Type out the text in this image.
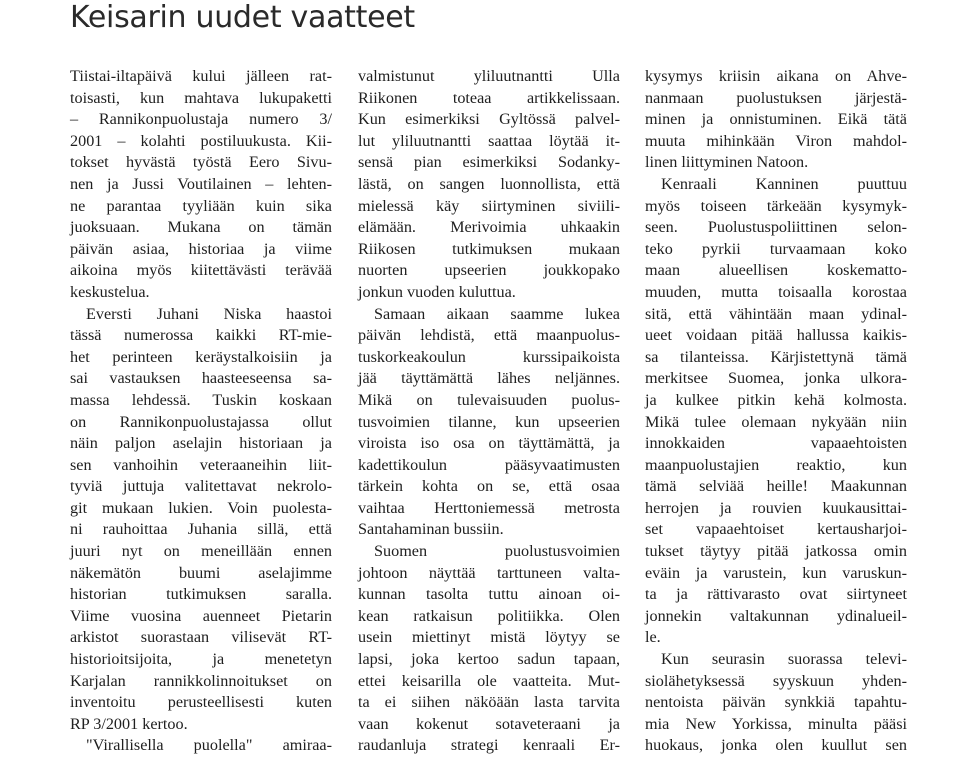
Keisarin uudet vaatteet
Tiistai-iltapäivä kului jälleen rat-
toisasti, kun mahtava lukupaketti
– Rannikonpuolustaja numero 3/
2001 – kolahti postiluukusta. Kii-
tokset hyvästä työstä Eero Sivu-
nen ja Jussi Voutilainen – lehten-
ne parantaa tyyliään kuin sika
juoksuaan. Mukana on tämän
päivän asiaa, historiaa ja viime
aikoina myös kiitettävästi terävää
keskustelua.
Eversti Juhani Niska haastoi
tässä numerossa kaikki RT-mie-
het perinteen keräystalkoisiin ja
sai vastauksen haasteeseensa sa-
massa lehdessä. Tuskin koskaan
on Rannikonpuolustajassa ollut
näin paljon aselajin historiaan ja
sen vanhoihin veteraaneihin liit-
tyviä juttuja valitettavat nekrolo-
git mukaan lukien. Voin puolesta-
ni rauhoittaa Juhania sillä, että
juuri nyt on meneillään ennen
näkemätön buumi aselajimme
historian tutkimuksen saralla.
Viime vuosina auenneet Pietarin
arkistot suorastaan vilisevät RT-
historioitsijoita, ja menetetyn
Karjalan rannikkolinnoitukset on
inventoitu perusteellisesti kuten
RP 3/2001 kertoo.
"Virallisella puolella" amiraa-
valmistunut yliluutnantti Ulla
Riikonen toteaa artikkelissaan.
Kun esimerkiksi Gyltössä palvel-
lut yliluutnantti saattaa löytää it-
sensä pian esimerkiksi Sodanky-
lästä, on sangen luonnollista, että
mielessä käy siirtyminen siviili-
elämään. Merivoimia uhkaakin
Riikosen tutkimuksen mukaan
nuorten upseerien joukkopako
jonkun vuoden kuluttua.
Samaan aikaan saamme lukea
päivän lehdistä, että maanpuolus-
tuskorkeakoulun kurssipaikoista
jää täyttämättä lähes neljännes.
Mikä on tulevaisuuden puolus-
tusvoimien tilanne, kun upseerien
viroista iso osa on täyttämättä, ja
kadettikoulun pääsyvaatimusten
tärkein kohta on se, että osaa
vaihtaa Herttoniemessä metrosta
Santahaminan bussiin.
Suomen puolustusvoimien
johtoon näyttää tarttuneen valta-
kunnan tasolta tuttu ainoan oi-
kean ratkaisun politiikka. Olen
usein miettinyt mistä löytyy se
lapsi, joka kertoo sadun tapaan,
ettei keisarilla ole vaatteita. Mut-
ta ei siihen näköään lasta tarvita
vaan kokenut sotaveteraani ja
raudanluja strategi kenraali Er-
kysymys kriisin aikana on Ahve-
nanmaan puolustuksen järjestä-
minen ja onnistuminen. Eikä tätä
muuta mihinkään Viron mahdol-
linen liittyminen Natoon.
Kenraali Kanninen puuttuu
myös toiseen tärkeään kysymyk-
seen. Puolustuspoliittinen selon-
teko pyrkii turvaamaan koko
maan alueellisen koskematto-
muuden, mutta toisaalla korostaa
sitä, että vähintään maan ydinal-
ueet voidaan pitää hallussa kaikis-
sa tilanteissa. Kärjistettynä tämä
merkitsee Suomea, jonka ulkora-
ja kulkee pitkin kehä kolmosta.
Mikä tulee olemaan nykyään niin
innokkaiden vapaaehtoisten
maanpuolustajien reaktio, kun
tämä selviää heille! Maakunnan
herrojen ja rouvien kuukausittai-
set vapaaehtoiset kertausharjoi-
tukset täytyy pitää jatkossa omin
eväin ja varustein, kun varuskun-
ta ja rättivarasto ovat siirtyneet
jonnekin valtakunnan ydinalueil-
le.
Kun seurasin suorassa televi-
siolähetyksessä syyskuun yhden-
nentoista päivän synkkiä tapahtu-
mia New Yorkissa, minulta pääsi
huokaus, jonka olen kuullut sen
